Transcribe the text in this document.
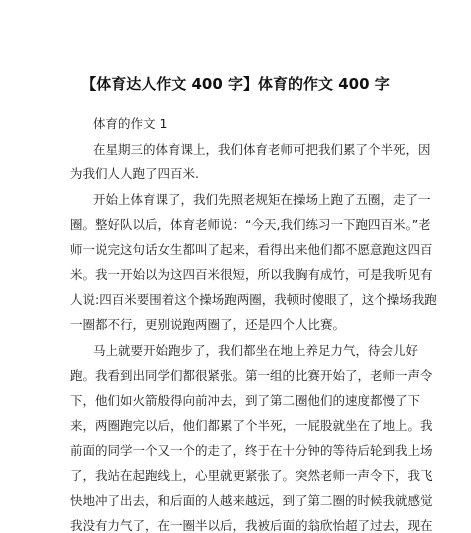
【体育达人作文 400 字】体育的作文 400 字
体育的作文 1
在星期三的体育课上，我们体育老师可把我们累了个半死，因
为我们人人跑了四百米.
开始上体育课了，我们先照老规矩在操场上跑了五圈，走了一
圈。整好队以后，体育老师说：“今天,我们练习一下跑四百米。”老
师一说完这句话女生都叫了起来，看得出来他们都不愿意跑这四百
米。我一开始以为这四百米很短，所以我胸有成竹，可是我听见有
人说:四百米要围着这个操场跑两圈，我顿时傻眼了，这个操场我跑
一圈都不行，更别说跑两圈了，还是四个人比赛。
马上就要开始跑步了，我们都坐在地上养足力气，待会儿好
跑。我看到出同学们都很紧张。第一组的比赛开始了，老师一声令
下，他们如火箭般得向前冲去，到了第二圈他们的速度都慢了下
来，两圈跑完以后，他们都累了个半死，一屁股就坐在了地上。我
前面的同学一个又一个的走了，终于在十分钟的等待后轮到我上场
了，我站在起跑线上，心里就更紧张了。突然老师一声令下，我飞
快地冲了出去，和后面的人越来越远，到了第二圈的时候我就感觉
我没有力气了，在一圈半以后，我被后面的翁欣怡超了过去，现在
